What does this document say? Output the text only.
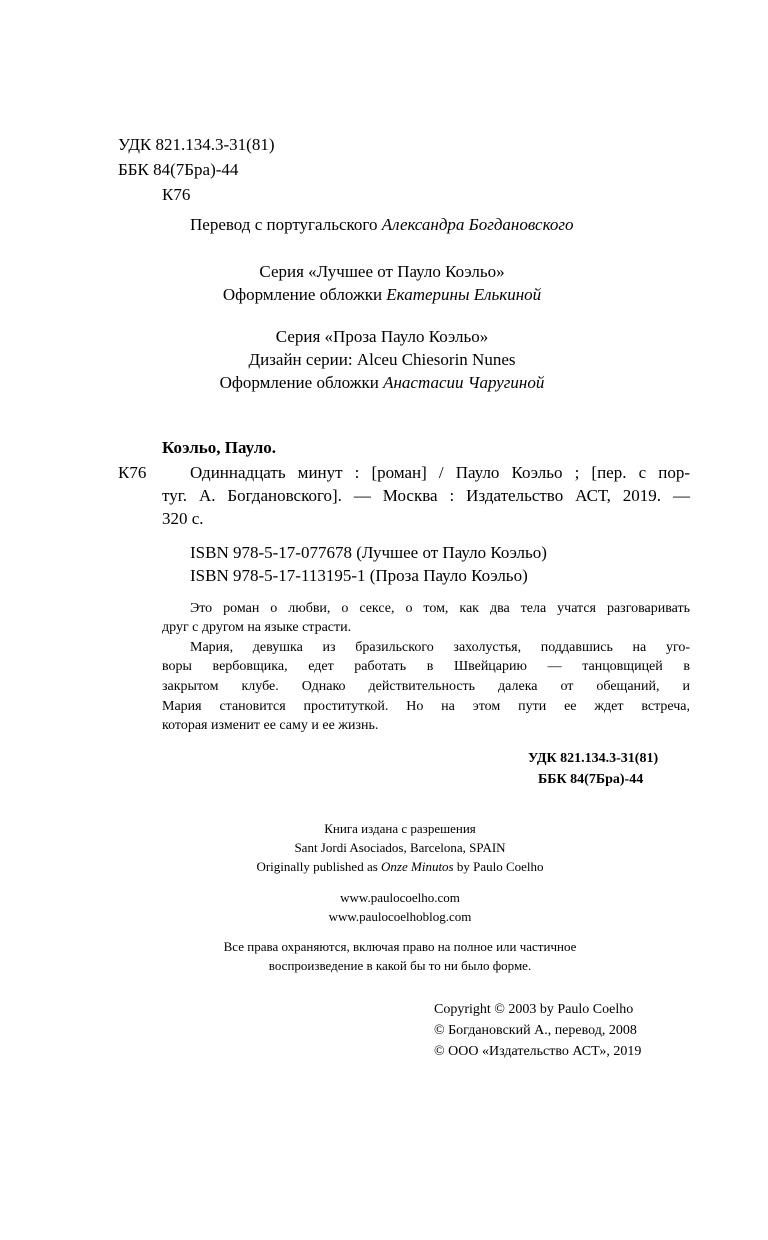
УДК 821.134.3-31(81)
ББК 84(7Бра)-44
К76
Перевод с португальского Александра Богдановского
Серия «Лучшее от Пауло Коэльо»
Оформление обложки Екатерины Елькиной
Серия «Проза Пауло Коэльо»
Дизайн серии: Alceu Chiesorin Nunes
Оформление обложки Анастасии Чаругиной
Коэльо, Пауло.
К76	Одиннадцать минут : [роман] / Пауло Коэльо ; [пер. с пор-
туг. А. Богдановского]. — Москва : Издательство АСТ, 2019. —
320 с.
ISBN 978-5-17-077678 (Лучшее от Пауло Коэльо)
ISBN 978-5-17-113195-1 (Проза Пауло Коэльо)
Это роман о любви, о сексе, о том, как два тела учатся разговаривать
друг с другом на языке страсти.
Мария, девушка из бразильского захолустья, поддавшись на уго-
воры вербовщика, едет работать в Швейцарию — танцовщицей в
закрытом клубе. Однако действительность далека от обещаний, и
Мария становится проституткой. Но на этом пути ее ждет встреча,
которая изменит ее саму и ее жизнь.
УДК 821.134.3-31(81)
ББК 84(7Бра)-44
Книга издана с разрешения
Sant Jordi Asociados, Barcelona, SPAIN
Originally published as Onze Minutos by Paulo Coelho
www.paulocoelho.com
www.paulocoelhoblog.com
Все права охраняются, включая право на полное или частичное
воспроизведение в какой бы то ни было форме.
Copyright © 2003 by Paulo Coelho
© Богдановский А., перевод, 2008
© ООО «Издательство АСТ», 2019
